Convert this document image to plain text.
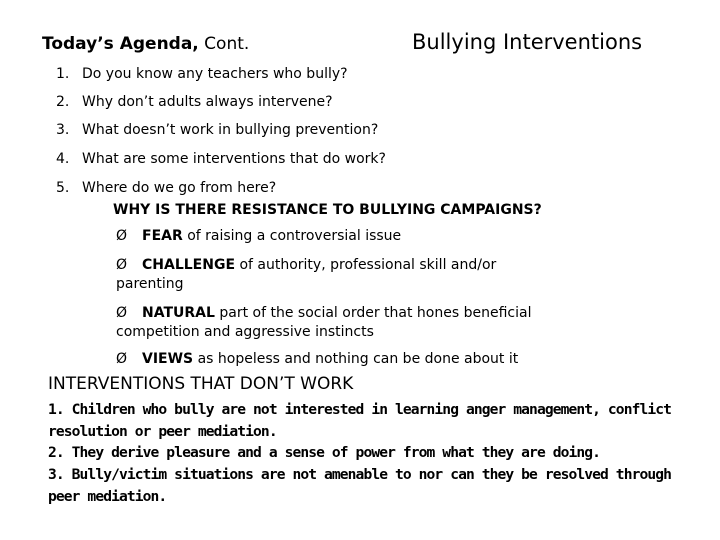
Today’s Agenda, Cont.	Bullying Interventions
1. Do you know any teachers who bully?
2. Why don’t adults always intervene?
3. What doesn’t work in bullying prevention?
4. What are some interventions that do work?
5. Where do we go from here?
WHY IS THERE RESISTANCE TO BULLYING CAMPAIGNS?
Ø FEAR of raising a controversial issue
Ø CHALLENGE of authority, professional skill and/or parenting
Ø NATURAL part of the social order that hones beneficial competition and aggressive instincts
Ø VIEWS as hopeless and nothing can be done about it
INTERVENTIONS THAT DON’T WORK
1. Children who bully are not interested in learning anger management, conflict resolution or peer mediation.
2. They derive pleasure and a sense of power from what they are doing.
3. Bully/victim situations are not amenable to nor can they be resolved through peer mediation.
